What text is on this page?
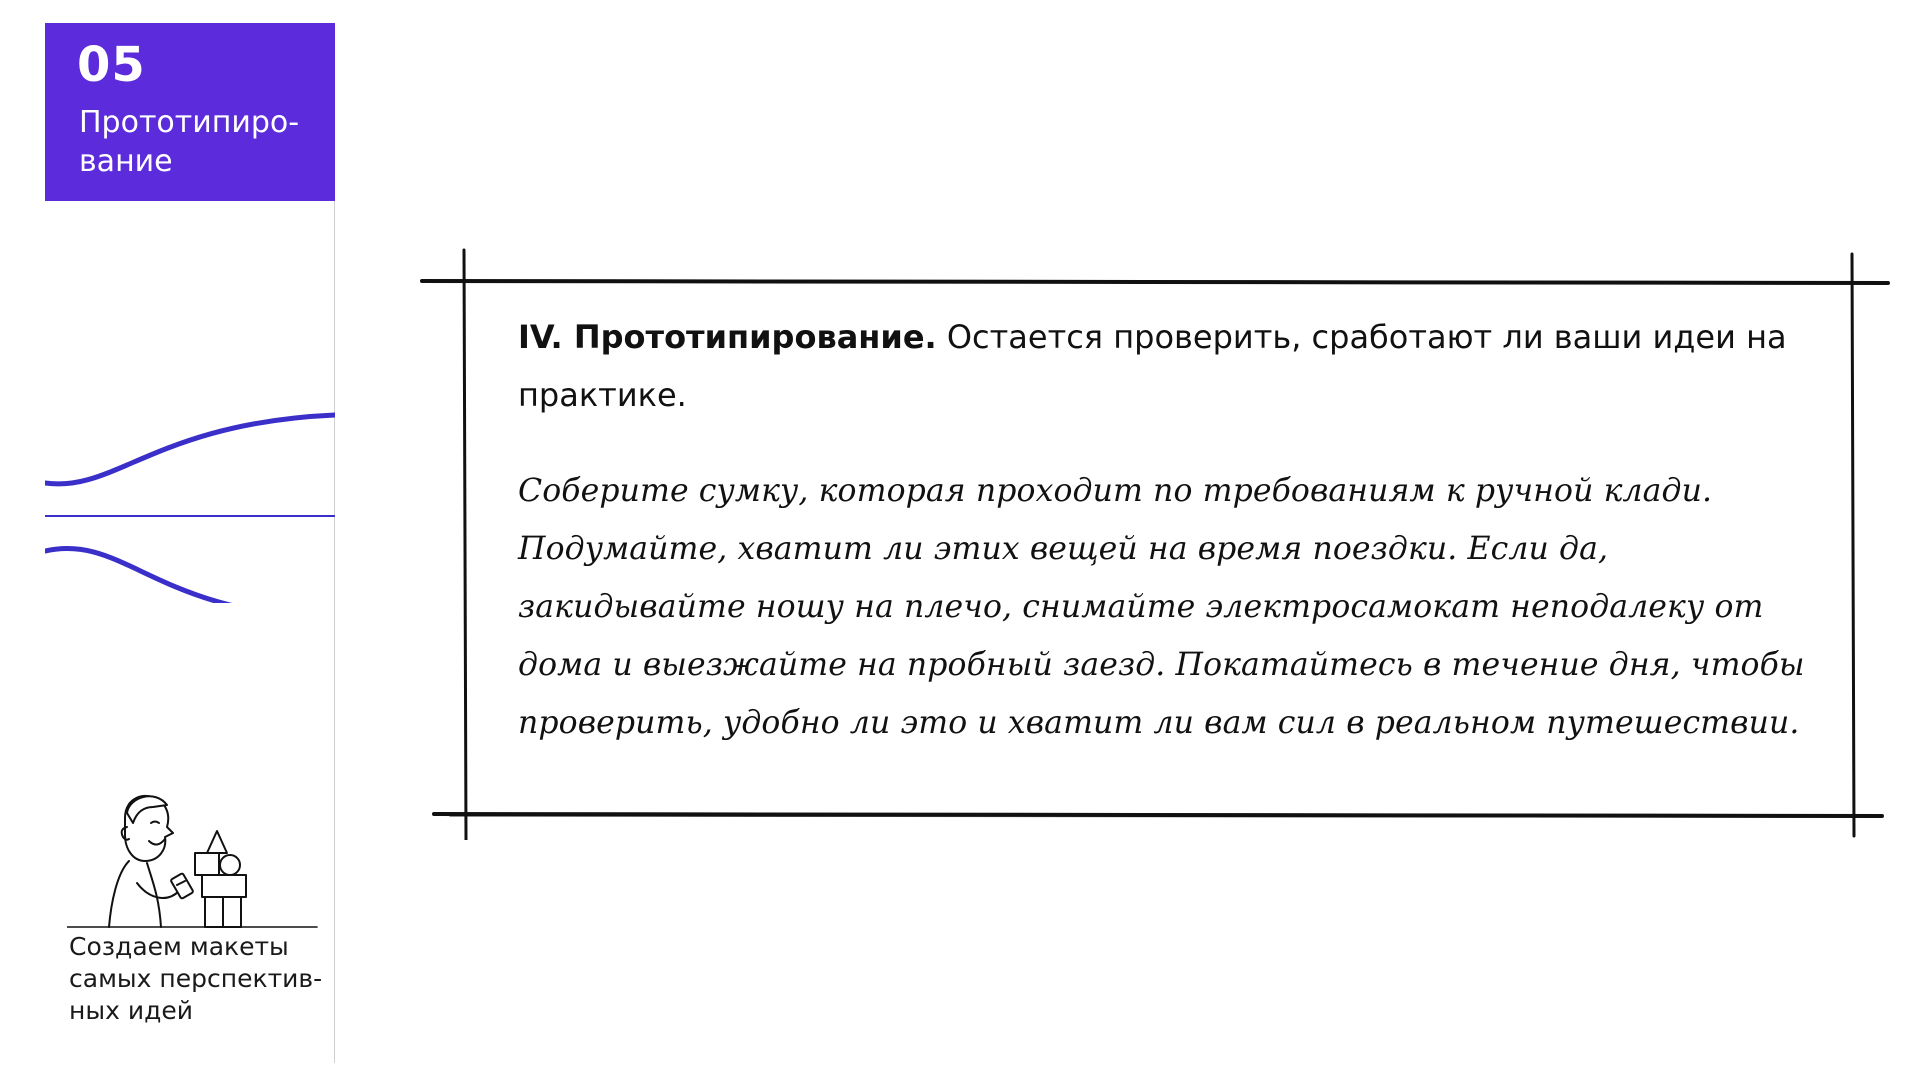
05
Прототипиро-вание
Создаем макеты самых перспектив-ных идей

IV. Прототипирование. Остается проверить, сработают ли ваши идеи на практике.

Соберите сумку, которая проходит по требованиям к ручной клади. Подумайте, хватит ли этих вещей на время поездки. Если да, закидывайте ношу на плечо, снимайте электросамокат неподалеку от дома и выезжайте на пробный заезд. Покатайтесь в течение дня, чтобы проверить, удобно ли это и хватит ли вам сил в реальном путешествии.
